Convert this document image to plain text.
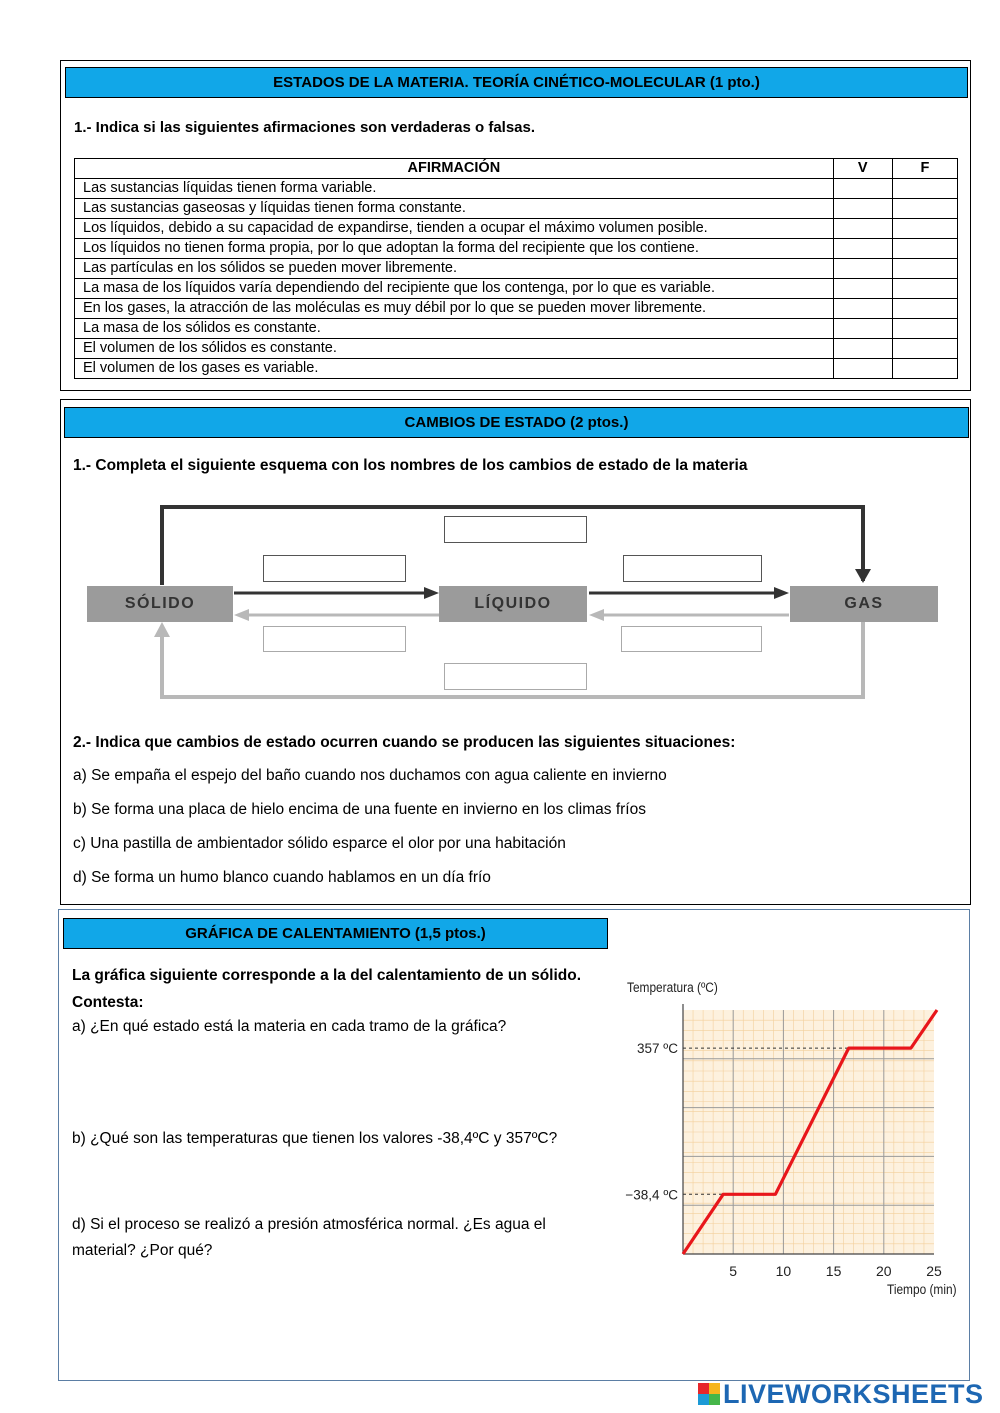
ESTADOS DE LA MATERIA. TEORÍA CINÉTICO-MOLECULAR (1 pto.)
1.- Indica si las siguientes afirmaciones son verdaderas o falsas.
AFIRMACIÓN	V	F
Las sustancias líquidas tienen forma variable.		
Las sustancias gaseosas y líquidas tienen forma constante.		
Los líquidos, debido a su capacidad de expandirse, tienden a ocupar el máximo volumen posible.		
Los líquidos no tienen forma propia, por lo que adoptan la forma del recipiente que los contiene.		
Las partículas en los sólidos se pueden mover libremente.		
La masa de los líquidos varía dependiendo del recipiente que los contenga, por lo que es variable.		
En los gases, la atracción de las moléculas es muy débil por lo que se pueden mover libremente.		
La masa de los sólidos es constante.		
El volumen de los sólidos es constante.		
El volumen de los gases es variable.		
CAMBIOS DE ESTADO (2 ptos.)
1.- Completa el siguiente esquema con los nombres de los cambios de estado de la materia
SÓLIDO	LÍQUIDO	GAS
2.- Indica que cambios de estado ocurren cuando se producen las siguientes situaciones:
a) Se empaña el espejo del baño cuando nos duchamos con agua caliente en invierno
b) Se forma una placa de hielo encima de una fuente en invierno en los climas fríos
c) Una pastilla de ambientador sólido esparce el olor por una habitación
d) Se forma un humo blanco cuando hablamos en un día frío
GRÁFICA DE CALENTAMIENTO (1,5 ptos.)
La gráfica siguiente corresponde a la del calentamiento de un sólido.
Contesta:
a) ¿En qué estado está la materia en cada tramo de la gráfica?
b) ¿Qué son las temperaturas que tienen los valores -38,4ºC y 357ºC?
d) Si el proceso se realizó a presión atmosférica normal. ¿Es agua el
material? ¿Por qué?
Temperatura (ºC)
5	10 15 20 25
357 ºC
−38,4 ºC
Tiempo (min)
LIVE WORKSHEETS
